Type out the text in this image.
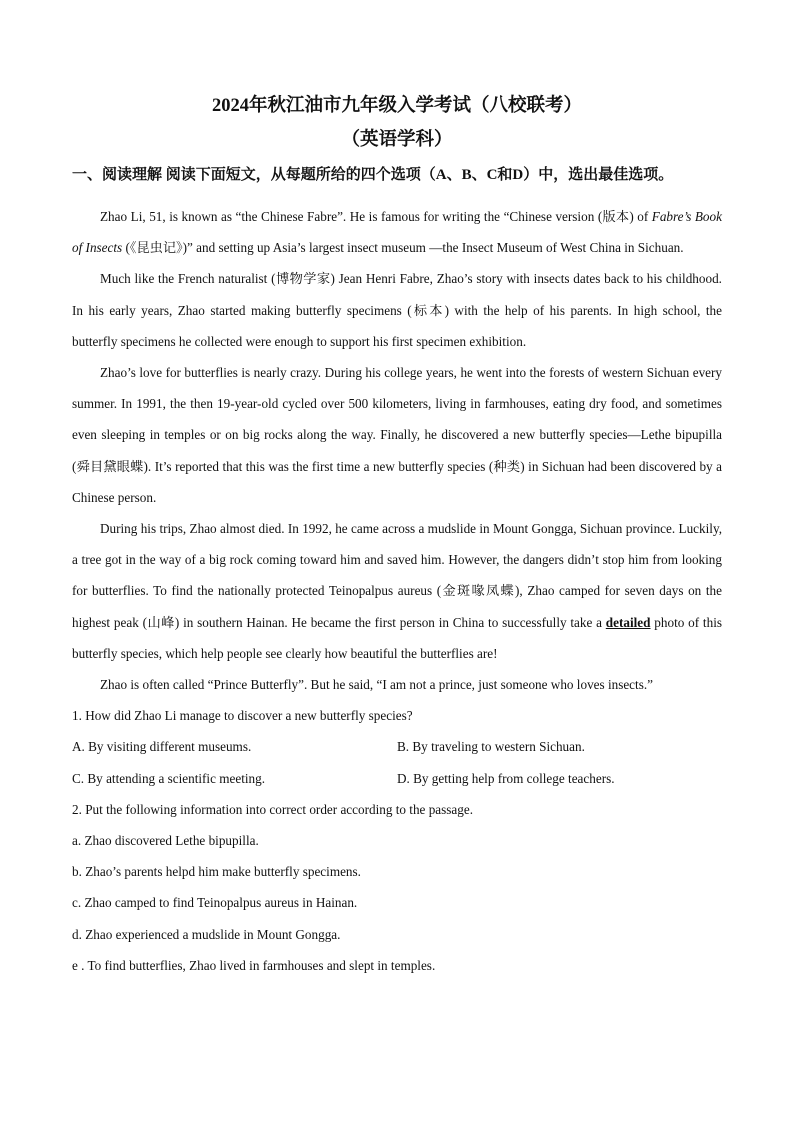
2024年秋江油市九年级入学考试（八校联考）
（英语学科）
一、阅读理解 阅读下面短文，从每题所给的四个选项（A、B、C和D）中，选出最佳选项。

Zhao Li, 51, is known as “the Chinese Fabre”. He is famous for writing the “Chinese version (版本) of Fabre’s Book of Insects (《昆虫记》)” and setting up Asia’s largest insect museum —the Insect Museum of West China in Sichuan.

Much like the French naturalist (博物学家) Jean Henri Fabre, Zhao’s story with insects dates back to his childhood. In his early years, Zhao started making butterfly specimens (标本) with the help of his parents. In high school, the butterfly specimens he collected were enough to support his first specimen exhibition.

Zhao’s love for butterflies is nearly crazy. During his college years, he went into the forests of western Sichuan every summer. In 1991, the then 19-year-old cycled over 500 kilometers, living in farmhouses, eating dry food, and sometimes even sleeping in temples or on big rocks along the way. Finally, he discovered a new butterfly species—Lethe bipupilla (舜目黛眼蝶). It’s reported that this was the first time a new butterfly species (种类) in Sichuan had been discovered by a Chinese person.

During his trips, Zhao almost died. In 1992, he came across a mudslide in Mount Gongga, Sichuan province. Luckily, a tree got in the way of a big rock coming toward him and saved him. However, the dangers didn’t stop him from looking for butterflies. To find the nationally protected Teinopalpus aureus (金斑喙凤蝶), Zhao camped for seven days on the highest peak (山峰) in southern Hainan. He became the first person in China to successfully take a detailed photo of this butterfly species, which help people see clearly how beautiful the butterflies are!

Zhao is often called “Prince Butterfly”. But he said, “I am not a prince, just someone who loves insects.”

1. How did Zhao Li manage to discover a new butterfly species?

A. By visiting different museums.	B. By traveling to western Sichuan.
C. By attending a scientific meeting.	D. By getting help from college teachers.

2. Put the following information into correct order according to the passage.

a. Zhao discovered Lethe bipupilla.

b. Zhao’s parents helpd him make butterfly specimens.

c. Zhao camped to find Teinopalpus aureus in Hainan.

d. Zhao experienced a mudslide in Mount Gongga.

e . To find butterflies, Zhao lived in farmhouses and slept in temples.
